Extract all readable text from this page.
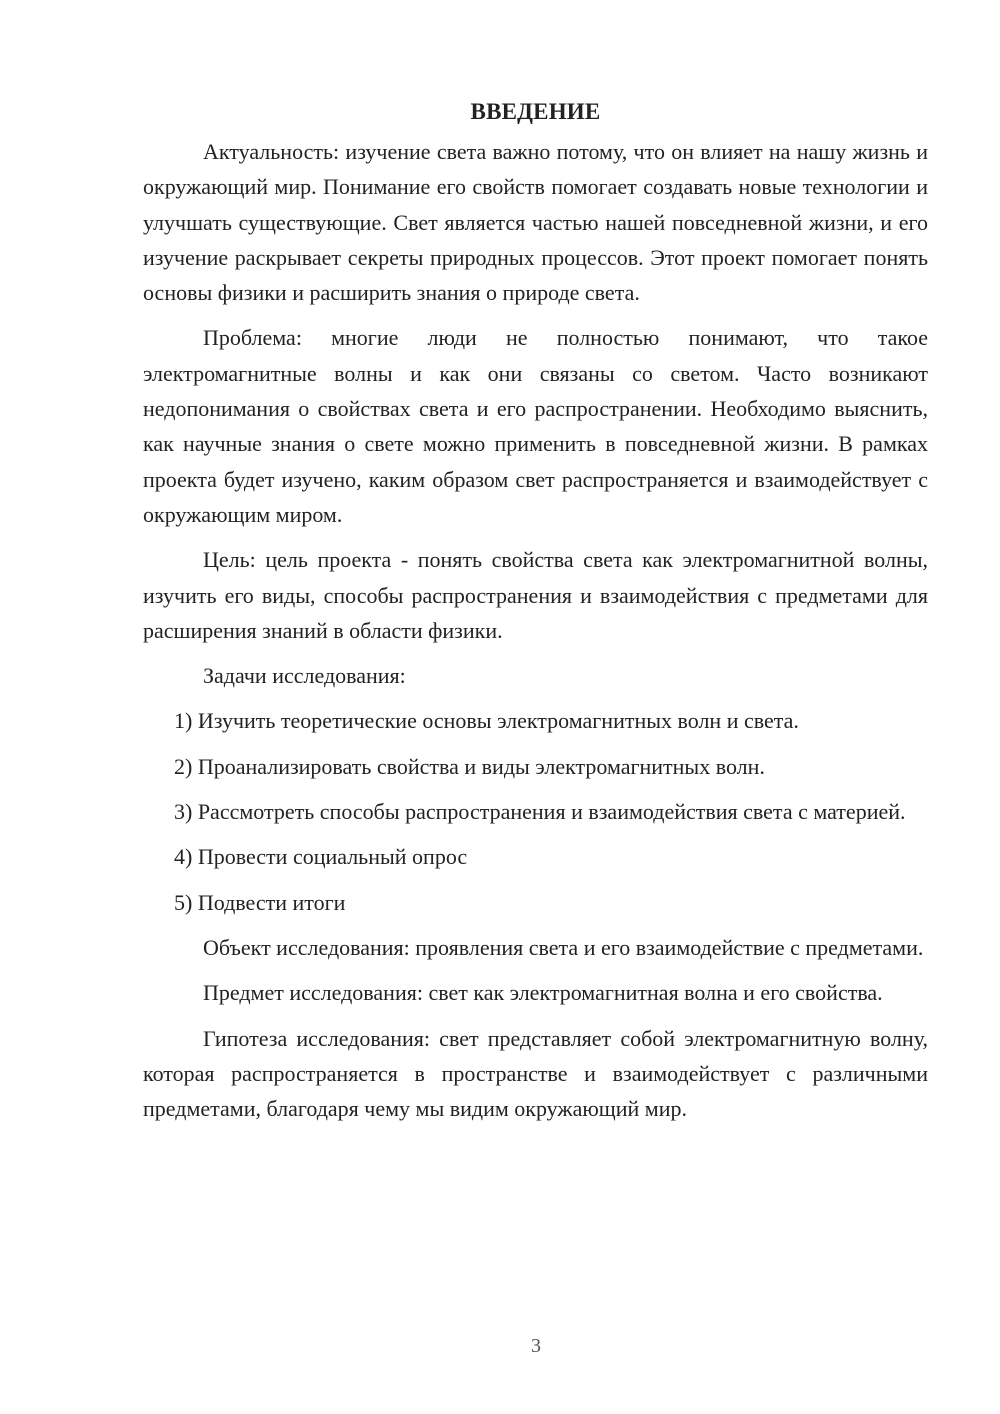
ВВЕДЕНИЕ

Актуальность: изучение света важно потому, что он влияет на нашу жизнь и окружающий мир. Понимание его свойств помогает создавать новые технологии и улучшать существующие. Свет является частью нашей повседневной жизни, и его изучение раскрывает секреты природных процессов. Этот проект помогает понять основы физики и расширить знания о природе света.

Проблема: многие люди не полностью понимают, что такое электромагнитные волны и как они связаны со светом. Часто возникают недопонимания о свойствах света и его распространении. Необходимо выяснить, как научные знания о свете можно применить в повседневной жизни. В рамках проекта будет изучено, каким образом свет распространяется и взаимодействует с окружающим миром.

Цель: цель проекта - понять свойства света как электромагнитной волны, изучить его виды, способы распространения и взаимодействия с предметами для расширения знаний в области физики.

Задачи исследования:

1) Изучить теоретические основы электромагнитных волн и света.

2) Проанализировать свойства и виды электромагнитных волн.

3) Рассмотреть способы распространения и взаимодействия света с материей.

4) Провести социальный опрос

5) Подвести итоги

Объект исследования: проявления света и его взаимодействие с предметами.

Предмет исследования: свет как электромагнитная волна и его свойства.

Гипотеза исследования: свет представляет собой электромагнитную волну, которая распространяется в пространстве и взаимодействует с различными предметами, благодаря чему мы видим окружающий мир.

3
